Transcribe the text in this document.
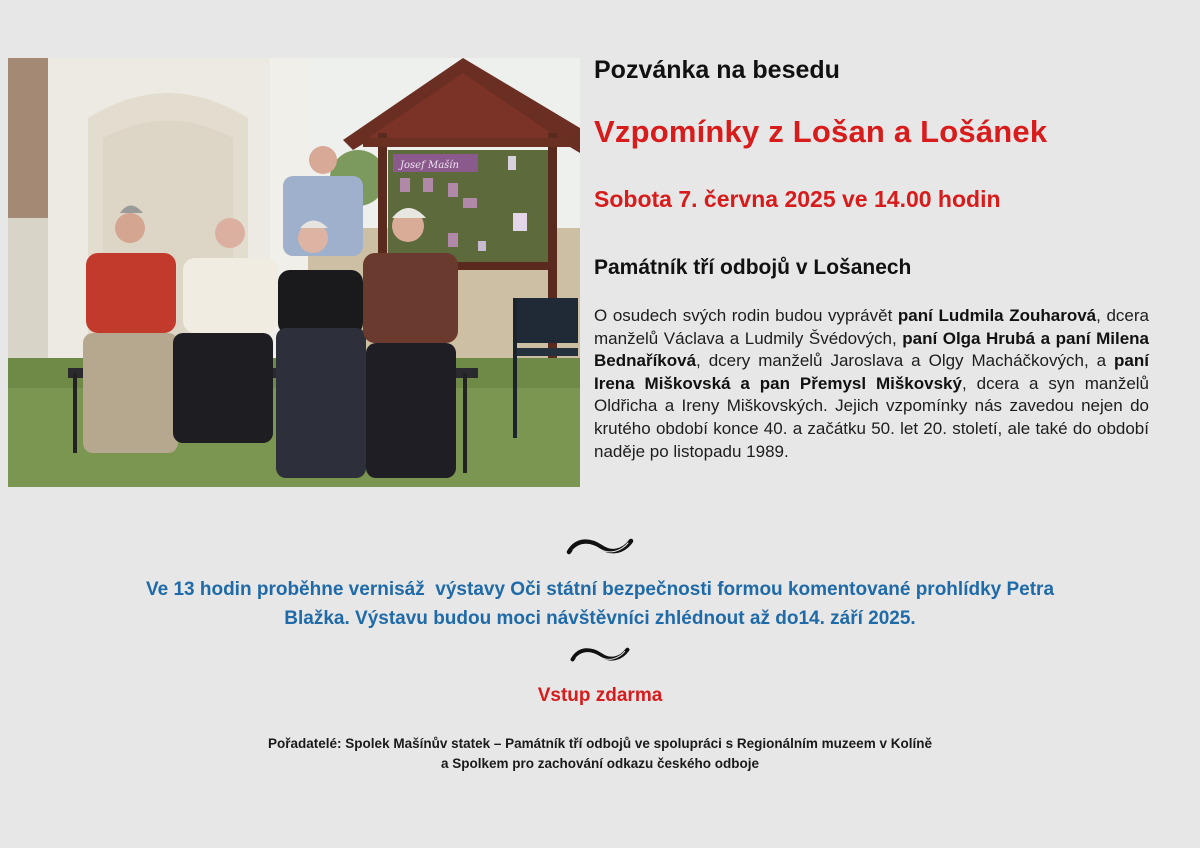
Josef Mašín
Pozvánka na besedu
Vzpomínky z Lošan a Lošánek
Sobota 7. června 2025 ve 14.00 hodin
Památník tří odbojů v Lošanech
O osudech svých rodin budou vyprávět paní Ludmila Zouharová, dcera manželů Václava a Ludmily Švédových, paní Olga Hrubá a paní Milena Bednaříková, dcery manželů Jaroslava a Olgy Macháčkových, a paní Irena Miškovská a pan Přemysl Miškovský, dcera a syn manželů Oldřicha a Ireny Miškovských. Jejich vzpomínky nás zavedou nejen do krutého období konce 40. a začátku 50. let 20. století, ale také do období naděje po listopadu 1989.
Ve 13 hodin proběhne vernisáž  výstavy Oči státní bezpečnosti formou komentované prohlídky Petra
Blažka. Výstavu budou moci návštěvníci zhlédnout až do14. září 2025.
Vstup zdarma
Pořadatelé: Spolek Mašínův statek – Památník tří odbojů ve spolupráci s Regionálním muzeem v Kolíně
a Spolkem pro zachování odkazu českého odboje
